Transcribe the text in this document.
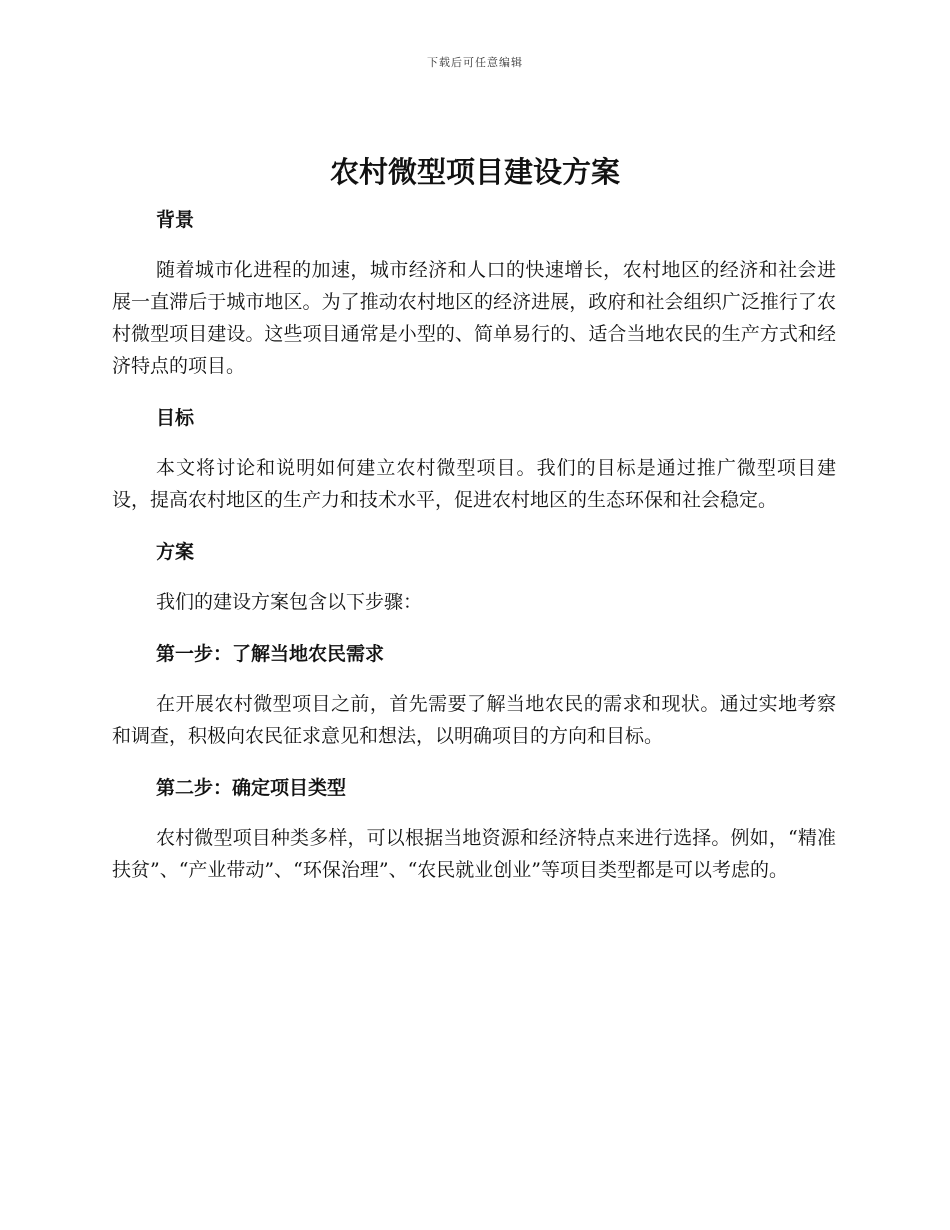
下载后可任意编辑
农村微型项目建设方案
背景

随着城市化进程的加速，城市经济和人口的快速增长，农村地区的经济和社会进展一直滞后于城市地区。为了推动农村地区的经济进展，政府和社会组织广泛推行了农村微型项目建设。这些项目通常是小型的、简单易行的、适合当地农民的生产方式和经济特点的项目。

目标

本文将讨论和说明如何建立农村微型项目。我们的目标是通过推广微型项目建设，提高农村地区的生产力和技术水平，促进农村地区的生态环保和社会稳定。

方案

我们的建设方案包含以下步骤：

第一步：了解当地农民需求

在开展农村微型项目之前，首先需要了解当地农民的需求和现状。通过实地考察和调查，积极向农民征求意见和想法，以明确项目的方向和目标。

第二步：确定项目类型

农村微型项目种类多样，可以根据当地资源和经济特点来进行选择。例如，“精准扶贫”、“产业带动”、“环保治理”、“农民就业创业”等项目类型都是可以考虑的。
